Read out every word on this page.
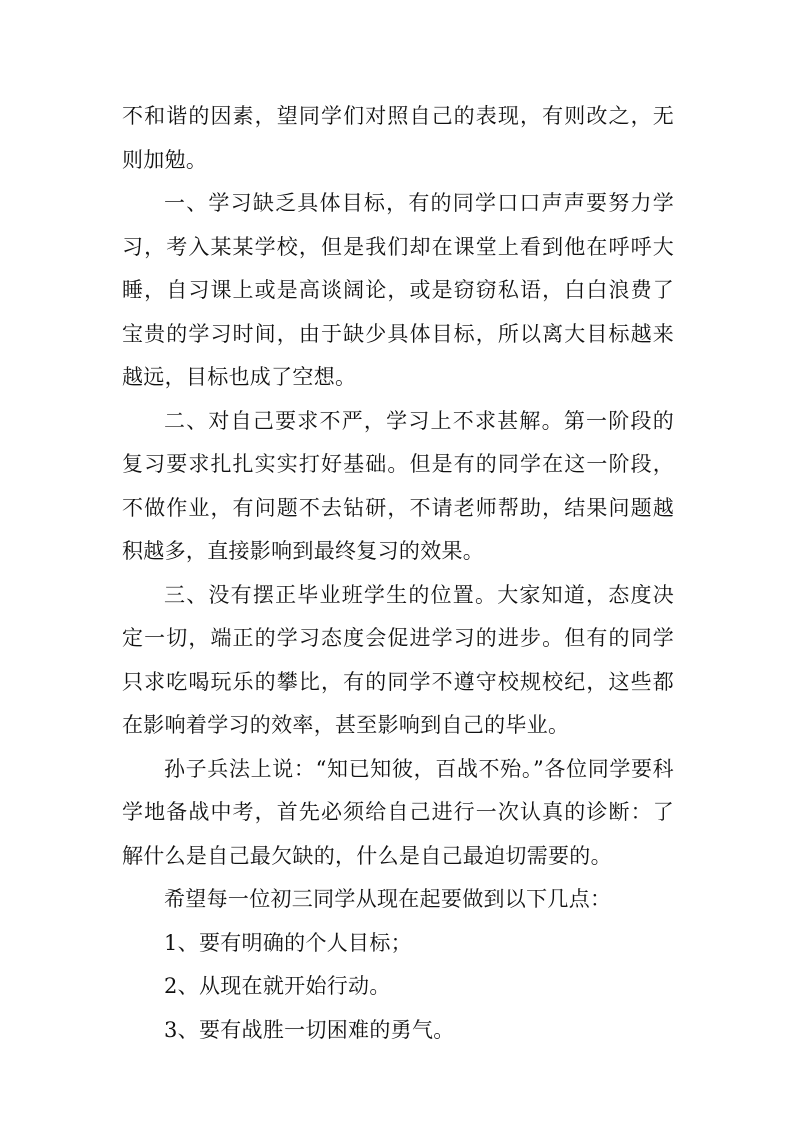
不和谐的因素，望同学们对照自己的表现，有则改之，无则加勉。

一、学习缺乏具体目标，有的同学口口声声要努力学习，考入某某学校，但是我们却在课堂上看到他在呼呼大睡，自习课上或是高谈阔论，或是窃窃私语，白白浪费了宝贵的学习时间，由于缺少具体目标，所以离大目标越来越远，目标也成了空想。

二、对自己要求不严，学习上不求甚解。第一阶段的复习要求扎扎实实打好基础。但是有的同学在这一阶段，不做作业，有问题不去钻研，不请老师帮助，结果问题越积越多，直接影响到最终复习的效果。

三、没有摆正毕业班学生的位置。大家知道，态度决定一切，端正的学习态度会促进学习的进步。但有的同学只求吃喝玩乐的攀比，有的同学不遵守校规校纪，这些都在影响着学习的效率，甚至影响到自己的毕业。

孙子兵法上说：“知已知彼，百战不殆。”各位同学要科学地备战中考，首先必须给自己进行一次认真的诊断：了解什么是自己最欠缺的，什么是自己最迫切需要的。

希望每一位初三同学从现在起要做到以下几点：

1、要有明确的个人目标；

2、从现在就开始行动。

3、要有战胜一切困难的勇气。
